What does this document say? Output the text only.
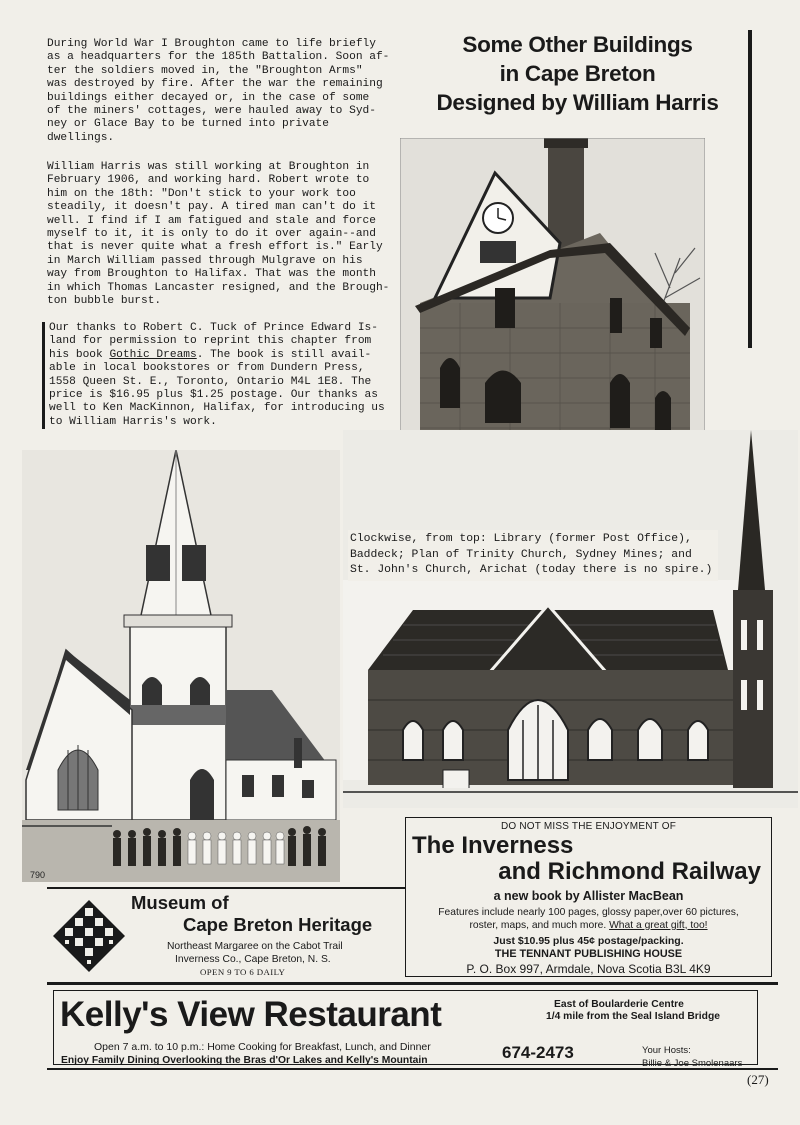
During World War I Broughton came to life briefly
as a headquarters for the 185th Battalion. Soon af-
ter the soldiers moved in, the "Broughton Arms"
was destroyed by fire. After the war the remaining
buildings either decayed or, in the case of some
of the miners' cottages, were hauled away to Syd-
ney or Glace Bay to be turned into private
dwellings.
William Harris was still working at Broughton in
February 1906, and working hard. Robert wrote to
him on the 18th: "Don't stick to your work too
steadily, it doesn't pay. A tired man can't do it
well. I find if I am fatigued and stale and force
myself to it, it is only to do it over again--and
that is never quite what a fresh effort is." Early
in March William passed through Mulgrave on his
way from Broughton to Halifax. That was the month
in which Thomas Lancaster resigned, and the Brough-
ton bubble burst.
Our thanks to Robert C. Tuck of Prince Edward Is-
land for permission to reprint this chapter from
his book Gothic Dreams. The book is still avail-
able in local bookstores or from Dundern Press,
1558 Queen St. E., Toronto, Ontario M4L 1E8. The
price is $16.95 plus $1.25 postage. Our thanks as
well to Ken MacKinnon, Halifax, for introducing us
to William Harris's work.
Some Other Buildings
in Cape Breton
Designed by William Harris
790
Clockwise, from top: Library (former Post Office),
Baddeck; Plan of Trinity Church, Sydney Mines; and
St. John's Church, Arichat (today there is no spire.)
DO NOT MISS THE ENJOYMENT OF
The Inverness
and Richmond Railway
a new book by Allister MacBean
Features include nearly 100 pages, glossy paper,over 60 pictures,
roster, maps, and much more. What a great gift, too!
Just $10.95 plus 45¢ postage/packing.
THE TENNANT PUBLISHING HOUSE
P. O. Box 997, Armdale, Nova Scotia B3L 4K9
Museum of
Cape Breton Heritage
Northeast Margaree on the Cabot Trail
Inverness Co., Cape Breton, N. S.
OPEN 9 TO 6 DAILY
Kelly's View Restaurant	East of Boularderie Centre
1/4 mile from the Seal Island Bridge
Open 7 a.m. to 10 p.m.: Home Cooking for Breakfast, Lunch, and Dinner
Enjoy Family Dining Overlooking the Bras d'Or Lakes and Kelly's Mountain	674-2473	Your Hosts:
Billie & Joe Smolenaars
(27)
